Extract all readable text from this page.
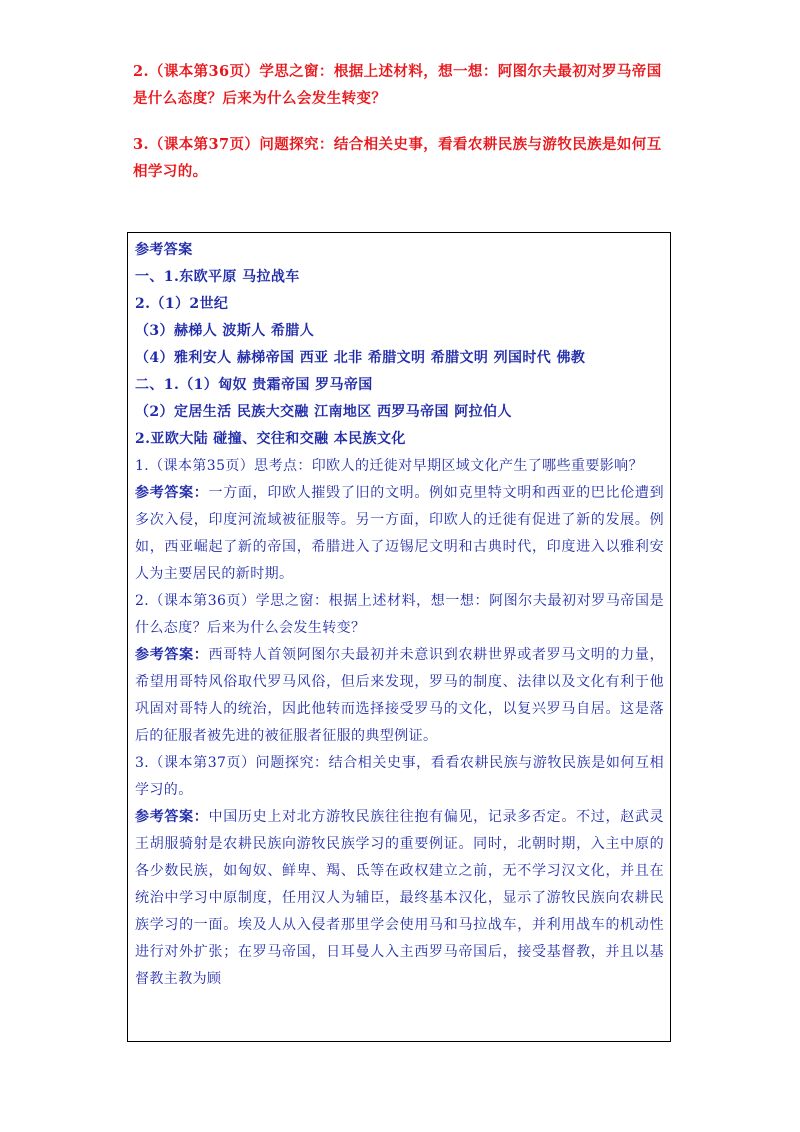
2.（课本第36页）学思之窗：根据上述材料，想一想：阿图尔夫最初对罗马帝国是什么态度？后来为什么会发生转变？
3.（课本第37页）问题探究：结合相关史事，看看农耕民族与游牧民族是如何互相学习的。
参考答案
一、1.东欧平原 马拉战车
2.（1）2世纪
（3）赫梯人 波斯人 希腊人
（4）雅利安人 赫梯帝国 西亚 北非 希腊文明 希腊文明 列国时代 佛教
二、1.（1）匈奴 贵霜帝国 罗马帝国
（2）定居生活 民族大交融 江南地区 西罗马帝国 阿拉伯人
2.亚欧大陆 碰撞、交往和交融 本民族文化
1.（课本第35页）思考点：印欧人的迁徙对早期区域文化产生了哪些重要影响？
参考答案：一方面，印欧人摧毁了旧的文明。例如克里特文明和西亚的巴比伦遭到多次入侵，印度河流域被征服等。另一方面，印欧人的迁徙有促进了新的发展。例如，西亚崛起了新的帝国，希腊进入了迈锡尼文明和古典时代，印度进入以雅利安人为主要居民的新时期。
2.（课本第36页）学思之窗：根据上述材料，想一想：阿图尔夫最初对罗马帝国是什么态度？后来为什么会发生转变？
参考答案：西哥特人首领阿图尔夫最初并未意识到农耕世界或者罗马文明的力量，希望用哥特风俗取代罗马风俗，但后来发现，罗马的制度、法律以及文化有利于他巩固对哥特人的统治，因此他转而选择接受罗马的文化，以复兴罗马自居。这是落后的征服者被先进的被征服者征服的典型例证。
3.（课本第37页）问题探究：结合相关史事，看看农耕民族与游牧民族是如何互相学习的。
参考答案：中国历史上对北方游牧民族往往抱有偏见，记录多否定。不过，赵武灵王胡服骑射是农耕民族向游牧民族学习的重要例证。同时，北朝时期，入主中原的各少数民族，如匈奴、鲜卑、羯、氐等在政权建立之前，无不学习汉文化，并且在统治中学习中原制度，任用汉人为辅臣，最终基本汉化，显示了游牧民族向农耕民族学习的一面。埃及人从入侵者那里学会使用马和马拉战车，并利用战车的机动性进行对外扩张；在罗马帝国，日耳曼人入主西罗马帝国后，接受基督教，并且以基督教主教为顾
